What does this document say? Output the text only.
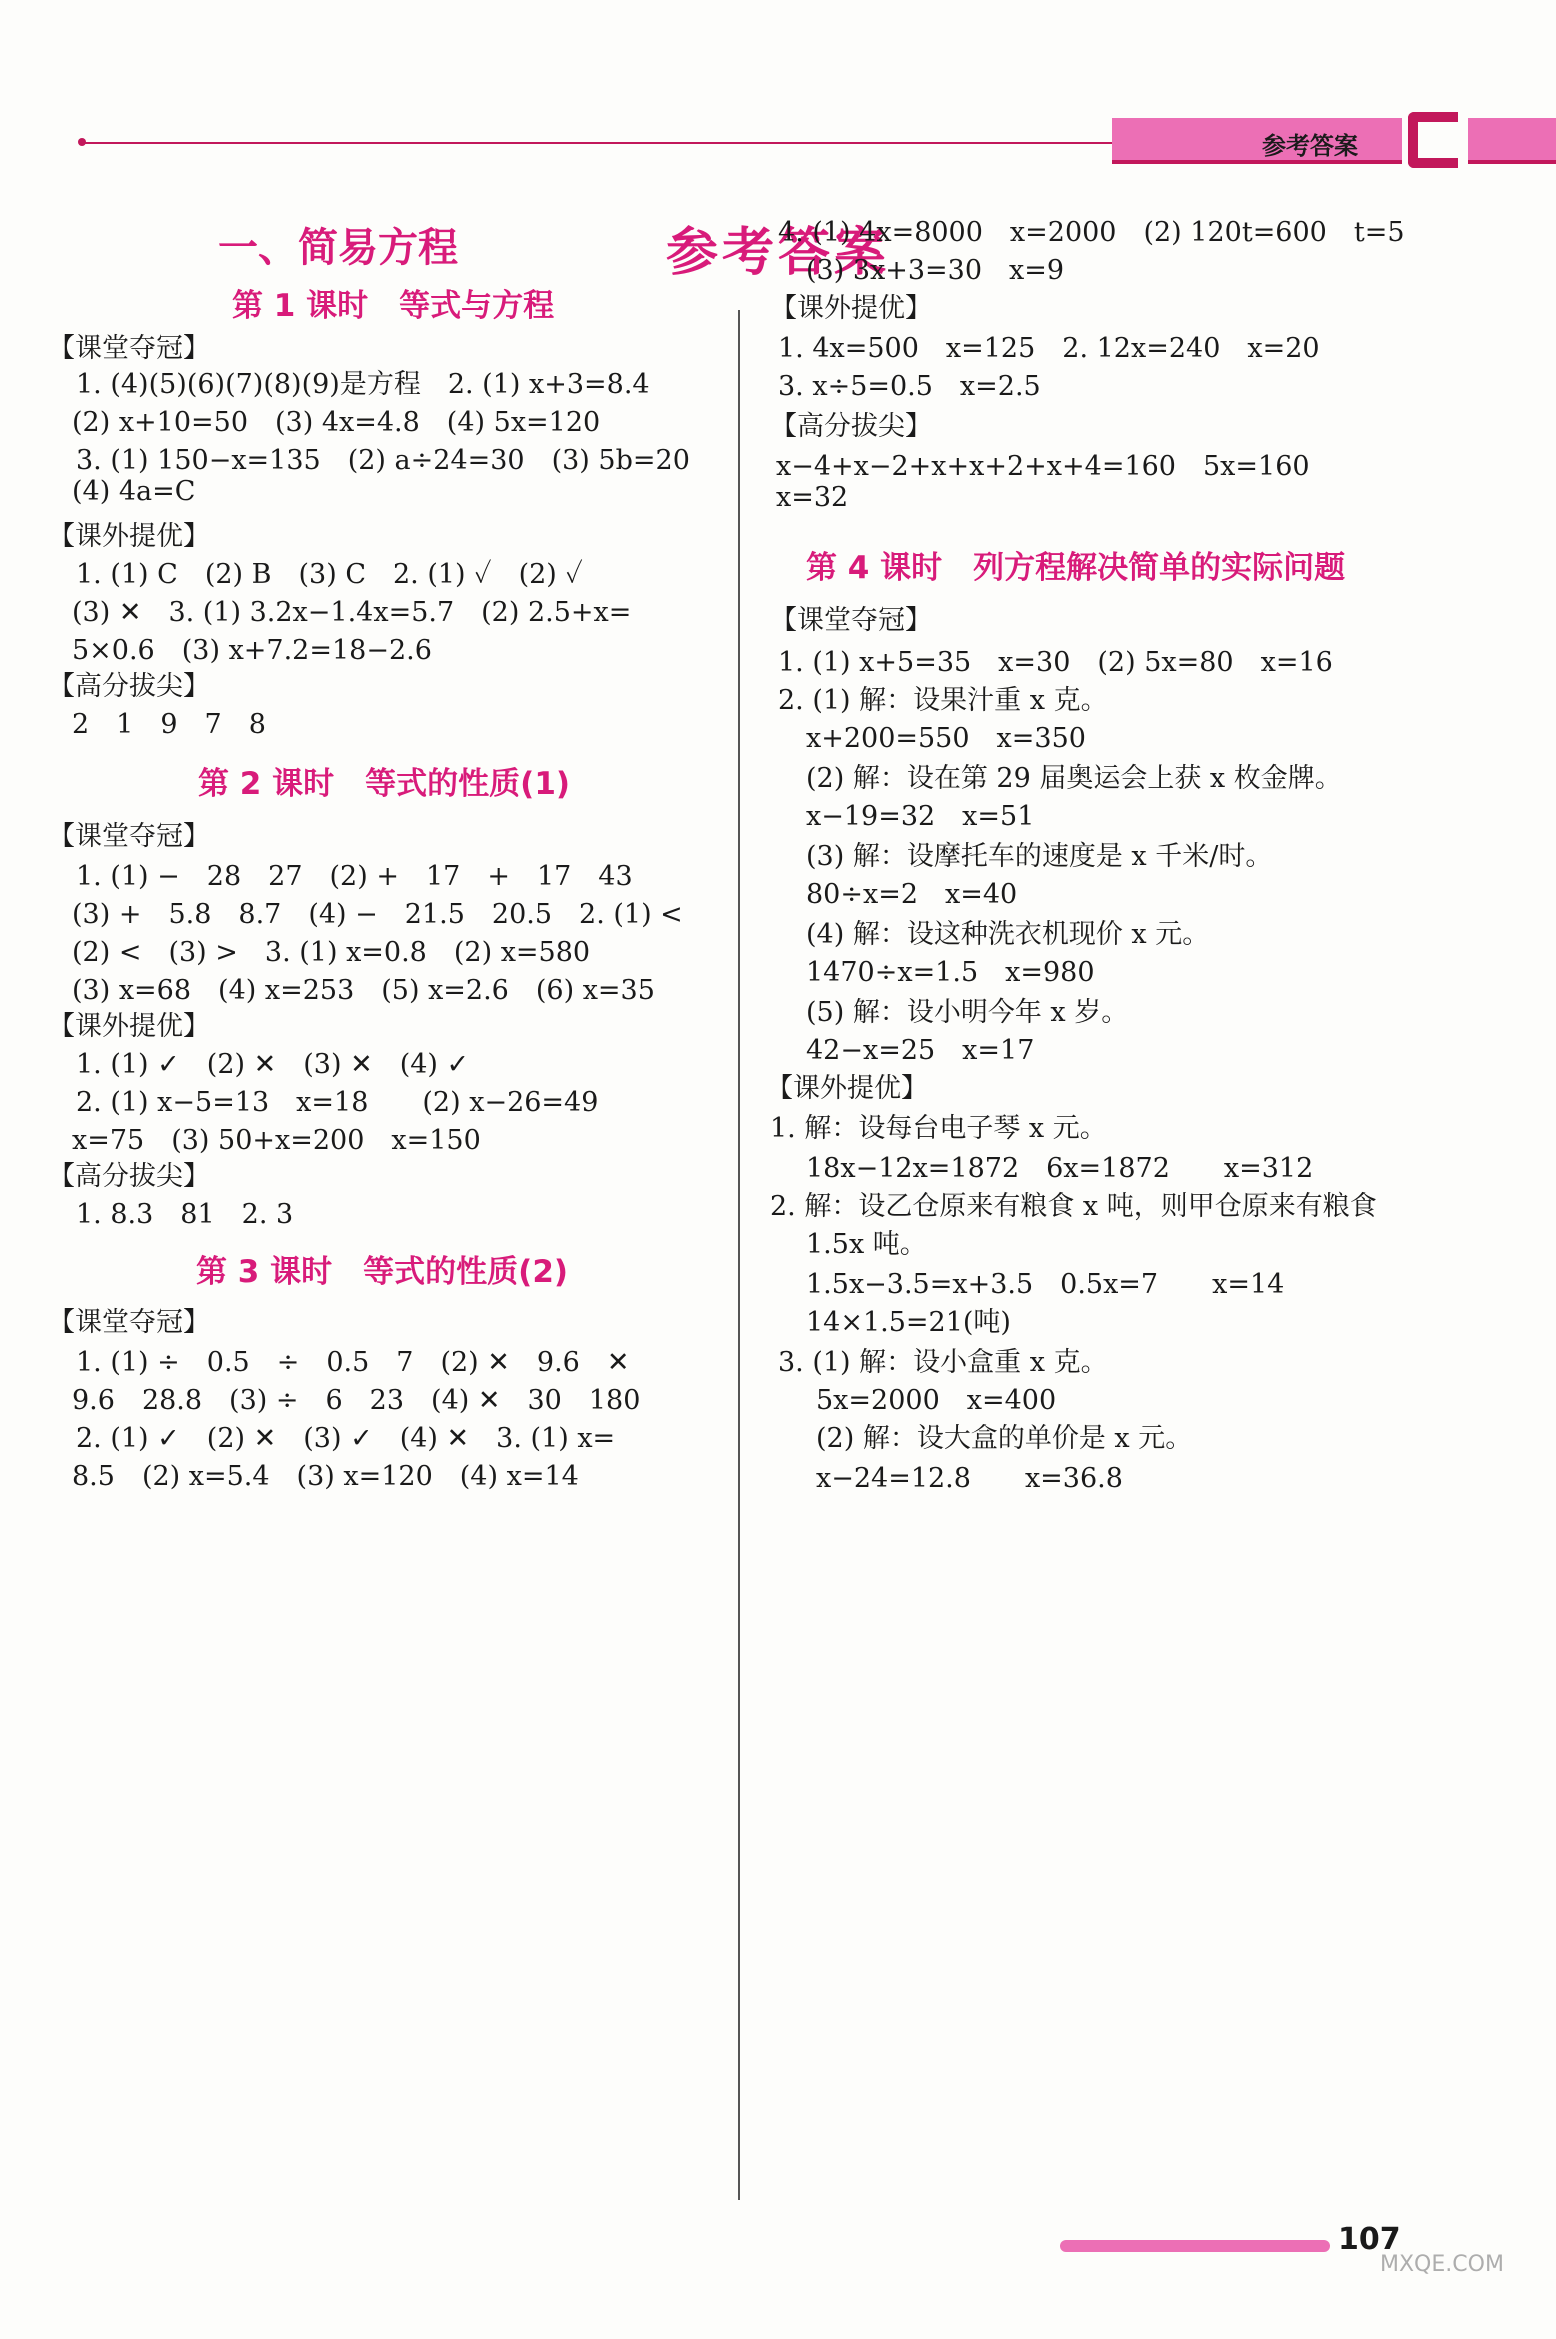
参考答案
参考答案
一、简易方程
第 1 课时　等式与方程
【课堂夺冠】
1. (4)(5)(6)(7)(8)(9)是方程　2. (1) x+3=8.4
(2) x+10=50　(3) 4x=4.8　(4) 5x=120
3. (1) 150−x=135　(2) a÷24=30　(3) 5b=20
(4) 4a=C
【课外提优】
1. (1) C　(2) B　(3) C　2. (1) ✓　(2) ✓
(3) ✕　3. (1) 3.2x−1.4x=5.7　(2) 2.5+x=
5×0.6　(3) x+7.2=18−2.6
【高分拔尖】
2　1　9　7　8
第 2 课时　等式的性质(1)
【课堂夺冠】
1. (1) −　28　27　(2) +　17　+　17　43
(3) +　5.8　8.7　(4) −　21.5　20.5　2. (1) <
(2) <　(3) >　3. (1) x=0.8　(2) x=580
(3) x=68　(4) x=253　(5) x=2.6　(6) x=35
【课外提优】
1. (1) ✓　(2) ✕　(3) ✕　(4) ✓
2. (1) x−5=13　x=18　　(2) x−26=49
x=75　(3) 50+x=200　x=150
【高分拔尖】
1. 8.3　81　2. 3
第 3 课时　等式的性质(2)
【课堂夺冠】
1. (1) ÷　0.5　÷　0.5　7　(2) ✕　9.6　✕
9.6　28.8　(3) ÷　6　23　(4) ✕　30　180
2. (1) ✓　(2) ✕　(3) ✓　(4) ✕　3. (1) x=
8.5　(2) x=5.4　(3) x=120　(4) x=14
4. (1) 4x=8000　x=2000　(2) 120t=600　t=5
(3) 3x+3=30　x=9
【课外提优】
1. 4x=500　x=125　2. 12x=240　x=20
3. x÷5=0.5　x=2.5
【高分拔尖】
x−4+x−2+x+x+2+x+4=160　5x=160
x=32
第 4 课时　列方程解决简单的实际问题
【课堂夺冠】
1. (1) x+5=35　x=30　(2) 5x=80　x=16
2. (1) 解：设果汁重 x 克。
x+200=550　x=350
(2) 解：设在第 29 届奥运会上获 x 枚金牌。
x−19=32　x=51
(3) 解：设摩托车的速度是 x 千米/时。
80÷x=2　x=40
(4) 解：设这种洗衣机现价 x 元。
1470÷x=1.5　x=980
(5) 解：设小明今年 x 岁。
42−x=25　x=17
【课外提优】
1. 解：设每台电子琴 x 元。
18x−12x=1872　6x=1872　　x=312
2. 解：设乙仓原来有粮食 x 吨，则甲仓原来有粮食
1.5x 吨。
1.5x−3.5=x+3.5　0.5x=7　　x=14
14×1.5=21(吨)
3. (1) 解：设小盒重 x 克。
5x=2000　x=400
(2) 解：设大盒的单价是 x 元。
x−24=12.8　　x=36.8
107
MXQE.COM
